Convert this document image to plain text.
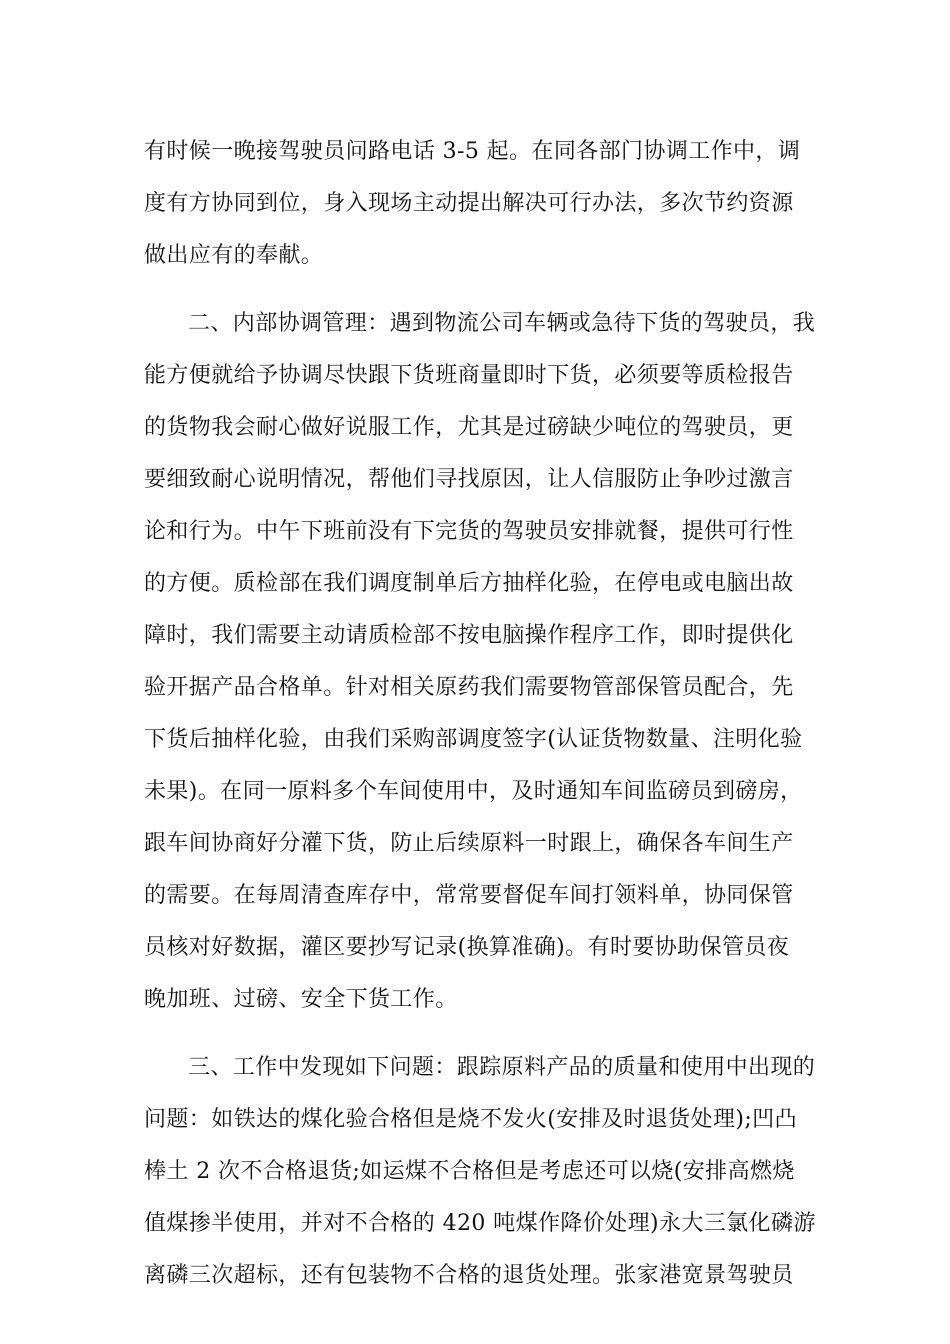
有时候一晚接驾驶员问路电话 3-5 起。在同各部门协调工作中，调
度有方协同到位，身入现场主动提出解决可行办法，多次节约资源
做出应有的奉献。
二、内部协调管理：遇到物流公司车辆或急待下货的驾驶员，我
能方便就给予协调尽快跟下货班商量即时下货，必须要等质检报告
的货物我会耐心做好说服工作，尤其是过磅缺少吨位的驾驶员，更
要细致耐心说明情况，帮他们寻找原因，让人信服防止争吵过激言
论和行为。中午下班前没有下完货的驾驶员安排就餐，提供可行性
的方便。质检部在我们调度制单后方抽样化验，在停电或电脑出故
障时，我们需要主动请质检部不按电脑操作程序工作，即时提供化
验开据产品合格单。针对相关原药我们需要物管部保管员配合，先
下货后抽样化验，由我们采购部调度签字(认证货物数量、注明化验
未果)。在同一原料多个车间使用中，及时通知车间监磅员到磅房，
跟车间协商好分灌下货，防止后续原料一时跟上，确保各车间生产
的需要。在每周清查库存中，常常要督促车间打领料单，协同保管
员核对好数据，灌区要抄写记录(换算准确)。有时要协助保管员夜
晚加班、过磅、安全下货工作。
三、工作中发现如下问题：跟踪原料产品的质量和使用中出现的
问题：如铁达的煤化验合格但是烧不发火(安排及时退货处理);凹凸
棒土 2 次不合格退货;如运煤不合格但是考虑还可以烧(安排高燃烧
值煤掺半使用，并对不合格的 420 吨煤作降价处理)永大三氯化磷游
离磷三次超标，还有包装物不合格的退货处理。张家港宽景驾驶员
